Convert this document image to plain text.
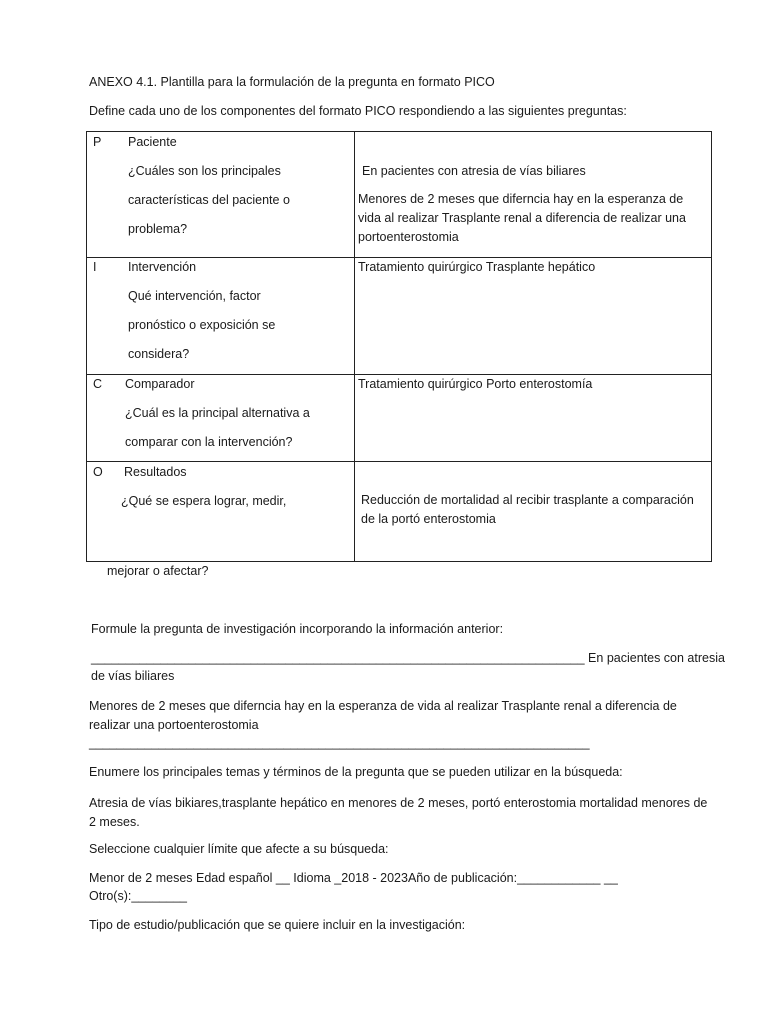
ANEXO 4.1. Plantilla para la formulación de la pregunta en formato PICO
Define cada uno de los componentes del formato PICO respondiendo a las siguientes preguntas:
P Paciente
¿Cuáles son los principales
características del paciente o
problema?
En pacientes con atresia de vías biliares
Menores de 2 meses que diferncia hay en la esperanza de vida al realizar Trasplante renal a diferencia de realizar una portoenterostomia
I	Intervención
Qué intervención, factor
pronóstico o exposición se
considera?
Tratamiento quirúrgico Trasplante hepático
C Comparador
¿Cuál es la principal alternativa a
comparar con la intervención?
Tratamiento quirúrgico Porto enterostomía
O Resultados
¿Qué se espera lograr, medir,	Reducción de mortalidad al recibir trasplante a comparación de la portó enterostomia
mejorar o afectar?
Formule la pregunta de investigación incorporando la información anterior:
_______________________________________________________________________ En pacientes con atresia
de vías biliares
Menores de 2 meses que diferncia hay en la esperanza de vida al realizar Trasplante renal a diferencia de realizar una portoenterostomia
________________________________________________________________________
Enumere los principales temas y términos de la pregunta que se pueden utilizar en la búsqueda:
Atresia de vías bikiares,trasplante hepático en menores de 2 meses, portó enterostomia mortalidad menores de 2 meses.
Seleccione cualquier límite que afecte a su búsqueda:
Menor de 2 meses Edad español __ Idioma _2018 - 2023Año de publicación:____________ __
Otro(s):________
Tipo de estudio/publicación que se quiere incluir en la investigación:
